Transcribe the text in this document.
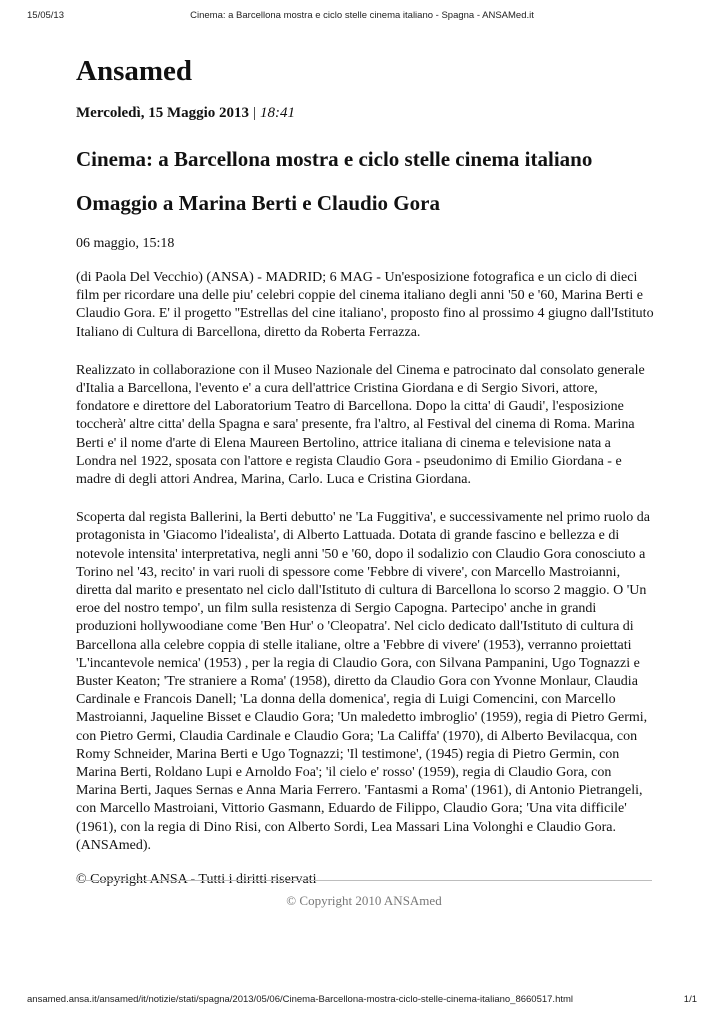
15/05/13	Cinema: a Barcellona mostra e ciclo stelle cinema italiano - Spagna - ANSAMed.it
Ansamed
Mercoledì, 15 Maggio 2013 | 18:41
Cinema: a Barcellona mostra e ciclo stelle cinema italiano
Omaggio a Marina Berti e Claudio Gora
06 maggio, 15:18

(di Paola Del Vecchio) (ANSA) - MADRID; 6 MAG - Un'esposizione fotografica e un ciclo di dieci film per ricordare una delle piu' celebri coppie del cinema italiano degli anni '50 e '60, Marina Berti e Claudio Gora. E' il progetto ''Estrellas del cine italiano', proposto fino al prossimo 4 giugno dall'Istituto Italiano di Cultura di Barcellona, diretto da Roberta Ferrazza.

Realizzato in collaborazione con il Museo Nazionale del Cinema e patrocinato dal consolato generale d'Italia a Barcellona, l'evento e' a cura dell'attrice Cristina Giordana e di Sergio Sivori, attore, fondatore e direttore del Laboratorium Teatro di Barcellona. Dopo la citta' di Gaudi', l'esposizione toccherà' altre citta' della Spagna e sara' presente, fra l'altro, al Festival del cinema di Roma. Marina Berti e' il nome d'arte di Elena Maureen Bertolino, attrice italiana di cinema e televisione nata a Londra nel 1922, sposata con l'attore e regista Claudio Gora - pseudonimo di Emilio Giordana - e madre di degli attori Andrea, Marina, Carlo. Luca e Cristina Giordana.

Scoperta dal regista Ballerini, la Berti debutto' ne 'La Fuggitiva', e successivamente nel primo ruolo da protagonista in 'Giacomo l'idealista', di Alberto Lattuada. Dotata di grande fascino e bellezza e di notevole intensita' interpretativa, negli anni '50 e '60, dopo il sodalizio con Claudio Gora conosciuto a Torino nel '43, recito' in vari ruoli di spessore come 'Febbre di vivere', con Marcello Mastroianni, diretta dal marito e presentato nel ciclo dall'Istituto di cultura di Barcellona lo scorso 2 maggio. O 'Un eroe del nostro tempo', un film sulla resistenza di Sergio Capogna. Partecipo' anche in grandi produzioni hollywoodiane come 'Ben Hur' o 'Cleopatra'. Nel ciclo dedicato dall'Istituto di cultura di Barcellona alla celebre coppia di stelle italiane, oltre a 'Febbre di vivere' (1953), verranno proiettati 'L'incantevole nemica' (1953) , per la regia di Claudio Gora, con Silvana Pampanini, Ugo Tognazzi e Buster Keaton; 'Tre straniere a Roma' (1958), diretto da Claudio Gora con Yvonne Monlaur, Claudia Cardinale e Francois Danell; 'La donna della domenica', regia di Luigi Comencini, con Marcello Mastroianni, Jaqueline Bisset e Claudio Gora; 'Un maledetto imbroglio' (1959), regia di Pietro Germi, con Pietro Germi, Claudia Cardinale e Claudio Gora; 'La Califfa' (1970), di Alberto Bevilacqua, con Romy Schneider, Marina Berti e Ugo Tognazzi; 'Il testimone', (1945) regia di Pietro Germin, con Marina Berti, Roldano Lupi e Arnoldo Foa'; 'il cielo e' rosso' (1959), regia di Claudio Gora, con Marina Berti, Jaques Sernas e Anna Maria Ferrero. 'Fantasmi a Roma' (1961), di Antonio Pietrangeli, con Marcello Mastroiani, Vittorio Gasmann, Eduardo de Filippo, Claudio Gora; 'Una vita difficile' (1961), con la regia di Dino Risi, con Alberto Sordi, Lea Massari Lina Volonghi e Claudio Gora. (ANSAmed).

© Copyright ANSA - Tutti i diritti riservati
© Copyright 2010 ANSAmed
ansamed.ansa.it/ansamed/it/notizie/stati/spagna/2013/05/06/Cinema-Barcellona-mostra-ciclo-stelle-cinema-italiano_8660517.html	1/1
